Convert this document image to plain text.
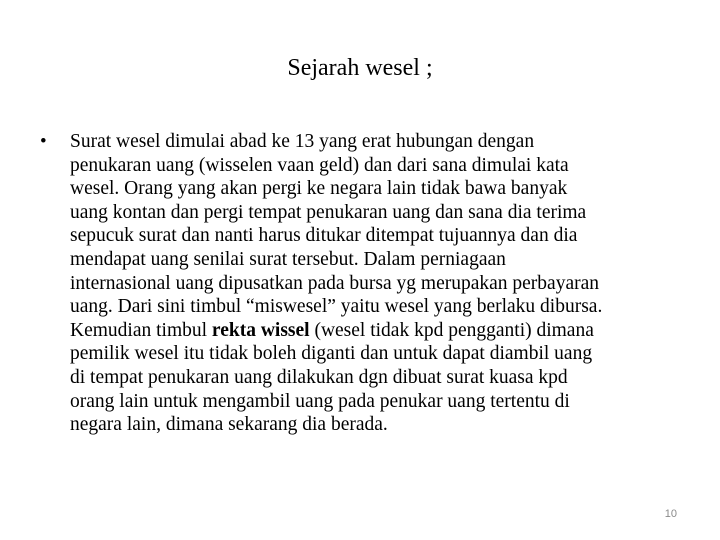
Sejarah wesel ;
• Surat wesel dimulai abad ke 13 yang erat hubungan dengan
penukaran uang (wisselen vaan geld) dan dari sana dimulai kata
wesel. Orang yang akan pergi ke negara lain tidak bawa banyak
uang kontan dan pergi tempat penukaran uang dan sana dia terima
sepucuk surat dan nanti harus ditukar ditempat tujuannya dan dia
mendapat uang senilai surat tersebut. Dalam perniagaan
internasional uang dipusatkan pada bursa yg merupakan perbayaran
uang. Dari sini timbul “miswesel” yaitu wesel yang berlaku dibursa.
Kemudian timbul rekta wissel (wesel tidak kpd pengganti) dimana
pemilik wesel itu tidak boleh diganti dan untuk dapat diambil uang
di tempat penukaran uang dilakukan dgn dibuat surat kuasa kpd
orang lain untuk mengambil uang pada penukar uang tertentu di
negara lain, dimana sekarang dia berada.
10
